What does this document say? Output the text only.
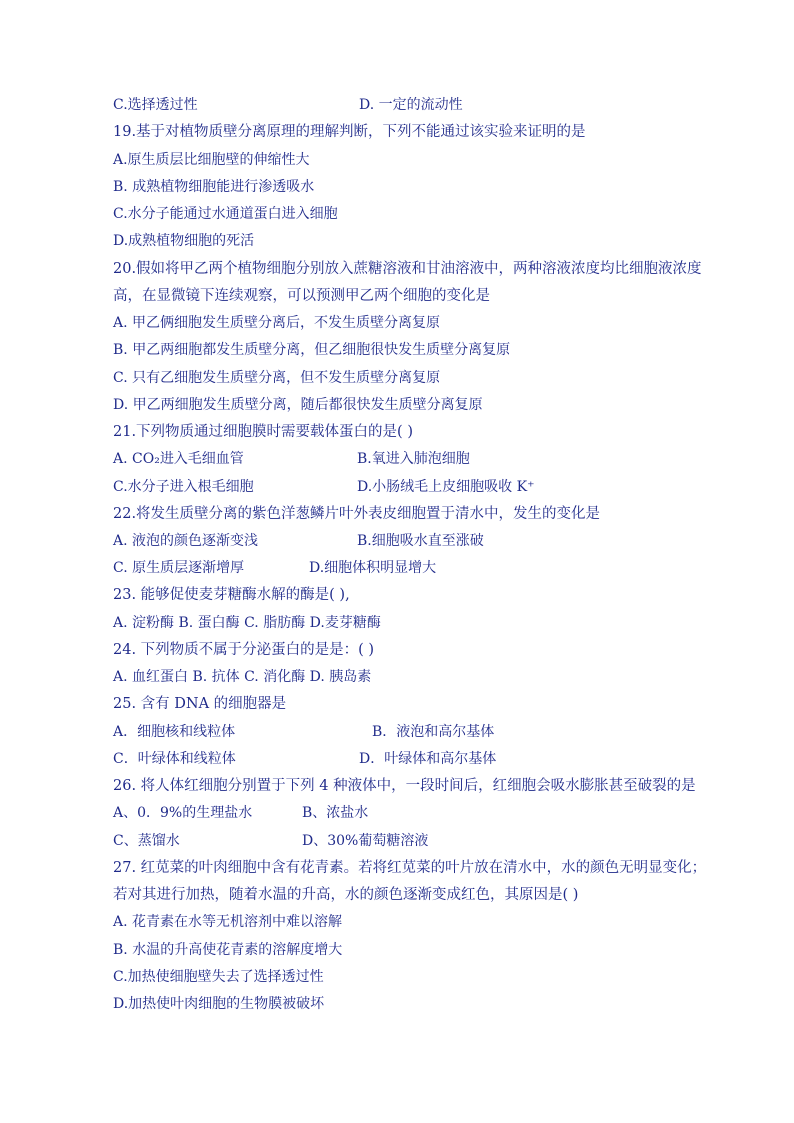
C.选择透过性	D. 一定的流动性
19.基于对植物质壁分离原理的理解判断，下列不能通过该实验来证明的是
A.原生质层比细胞壁的伸缩性大
B. 成熟植物细胞能进行渗透吸水
C.水分子能通过水通道蛋白进入细胞
D.成熟植物细胞的死活
20.假如将甲乙两个植物细胞分别放入蔗糖溶液和甘油溶液中，两种溶液浓度均比细胞液浓度
高，在显微镜下连续观察，可以预测甲乙两个细胞的变化是
A. 甲乙俩细胞发生质壁分离后，不发生质壁分离复原
B. 甲乙两细胞都发生质壁分离，但乙细胞很快发生质壁分离复原
C. 只有乙细胞发生质壁分离，但不发生质壁分离复原
D. 甲乙两细胞发生质壁分离，随后都很快发生质壁分离复原
21.下列物质通过细胞膜时需要载体蛋白的是( )
A. CO₂进入毛细血管	B.氧进入肺泡细胞
C.水分子进入根毛细胞	D.小肠绒毛上皮细胞吸收 K⁺
22.将发生质壁分离的紫色洋葱鳞片叶外表皮细胞置于清水中，发生的变化是
A. 液泡的颜色逐渐变浅	B.细胞吸水直至涨破
C. 原生质层逐渐增厚	D.细胞体积明显增大
23. 能够促使麦芽糖酶水解的酶是( ),
A. 淀粉酶 B. 蛋白酶 C. 脂肪酶 D.麦芽糖酶
24. 下列物质不属于分泌蛋白的是是：( )
A. 血红蛋白 B. 抗体 C. 消化酶 D. 胰岛素
25. 含有 DNA 的细胞器是
A．细胞核和线粒体	B．液泡和高尔基体
C．叶绿体和线粒体	D．叶绿体和高尔基体
26. 将人体红细胞分别置于下列 4 种液体中，一段时间后，红细胞会吸水膨胀甚至破裂的是
A、0．9%的生理盐水	B、浓盐水
C、蒸馏水	D、30%葡萄糖溶液
27. 红苋菜的叶肉细胞中含有花青素。若将红苋菜的叶片放在清水中，水的颜色无明显变化；
若对其进行加热，随着水温的升高，水的颜色逐渐变成红色，其原因是( )
A. 花青素在水等无机溶剂中难以溶解
B. 水温的升高使花青素的溶解度增大
C.加热使细胞壁失去了选择透过性
D.加热使叶肉细胞的生物膜被破坏
